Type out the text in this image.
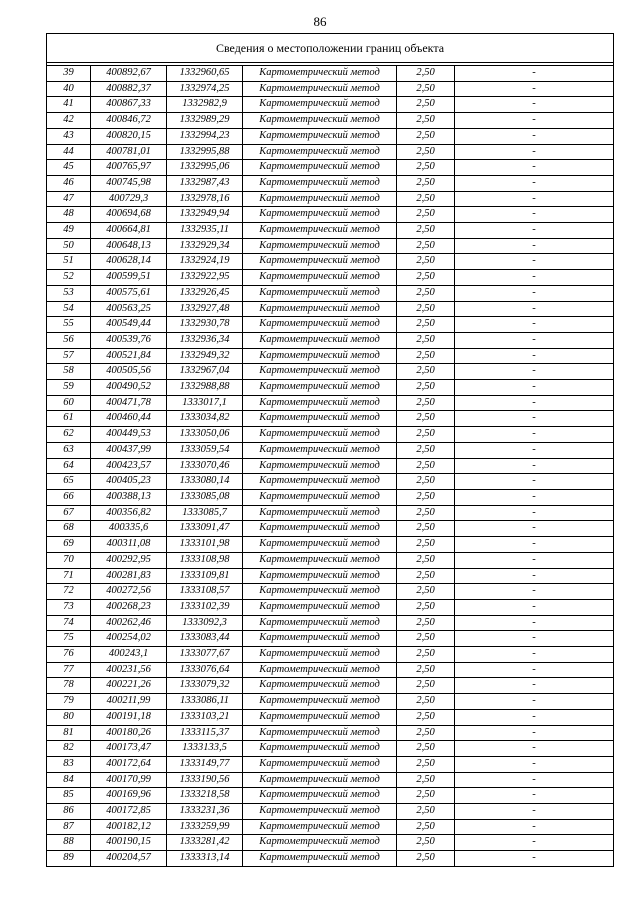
86
Сведения о местоположении границ объекта					

39	400892,67	1332960,65	Картометрический метод	2,50	-
40	400882,37	1332974,25	Картометрический метод	2,50	-
41	400867,33	1332982,9	Картометрический метод	2,50	-
42	400846,72	1332989,29	Картометрический метод	2,50	-
43	400820,15	1332994,23	Картометрический метод	2,50	-
44	400781,01	1332995,88	Картометрический метод	2,50	-
45	400765,97	1332995,06	Картометрический метод	2,50	-
46	400745,98	1332987,43	Картометрический метод	2,50	-
47	400729,3	1332978,16	Картометрический метод	2,50	-
48	400694,68	1332949,94	Картометрический метод	2,50	-
49	400664,81	1332935,11	Картометрический метод	2,50	-
50	400648,13	1332929,34	Картометрический метод	2,50	-
51	400628,14	1332924,19	Картометрический метод	2,50	-
52	400599,51	1332922,95	Картометрический метод	2,50	-
53	400575,61	1332926,45	Картометрический метод	2,50	-
54	400563,25	1332927,48	Картометрический метод	2,50	-
55	400549,44	1332930,78	Картометрический метод	2,50	-
56	400539,76	1332936,34	Картометрический метод	2,50	-
57	400521,84	1332949,32	Картометрический метод	2,50	-
58	400505,56	1332967,04	Картометрический метод	2,50	-
59	400490,52	1332988,88	Картометрический метод	2,50	-
60	400471,78	1333017,1	Картометрический метод	2,50	-
61	400460,44	1333034,82	Картометрический метод	2,50	-
62	400449,53	1333050,06	Картометрический метод	2,50	-
63	400437,99	1333059,54	Картометрический метод	2,50	-
64	400423,57	1333070,46	Картометрический метод	2,50	-
65	400405,23	1333080,14	Картометрический метод	2,50	-
66	400388,13	1333085,08	Картометрический метод	2,50	-
67	400356,82	1333085,7	Картометрический метод	2,50	-
68	400335,6	1333091,47	Картометрический метод	2,50	-
69	400311,08	1333101,98	Картометрический метод	2,50	-
70	400292,95	1333108,98	Картометрический метод	2,50	-
71	400281,83	1333109,81	Картометрический метод	2,50	-
72	400272,56	1333108,57	Картометрический метод	2,50	-
73	400268,23	1333102,39	Картометрический метод	2,50	-
74	400262,46	1333092,3	Картометрический метод	2,50	-
75	400254,02	1333083,44	Картометрический метод	2,50	-
76	400243,1	1333077,67	Картометрический метод	2,50	-
77	400231,56	1333076,64	Картометрический метод	2,50	-
78	400221,26	1333079,32	Картометрический метод	2,50	-
79	400211,99	1333086,11	Картометрический метод	2,50	-
80	400191,18	1333103,21	Картометрический метод	2,50	-
81	400180,26	1333115,37	Картометрический метод	2,50	-
82	400173,47	1333133,5	Картометрический метод	2,50	-
83	400172,64	1333149,77	Картометрический метод	2,50	-
84	400170,99	1333190,56	Картометрический метод	2,50	-
85	400169,96	1333218,58	Картометрический метод	2,50	-
86	400172,85	1333231,36	Картометрический метод	2,50	-
87	400182,12	1333259,99	Картометрический метод	2,50	-
88	400190,15	1333281,42	Картометрический метод	2,50	-
89	400204,57	1333313,14	Картометрический метод	2,50	-
